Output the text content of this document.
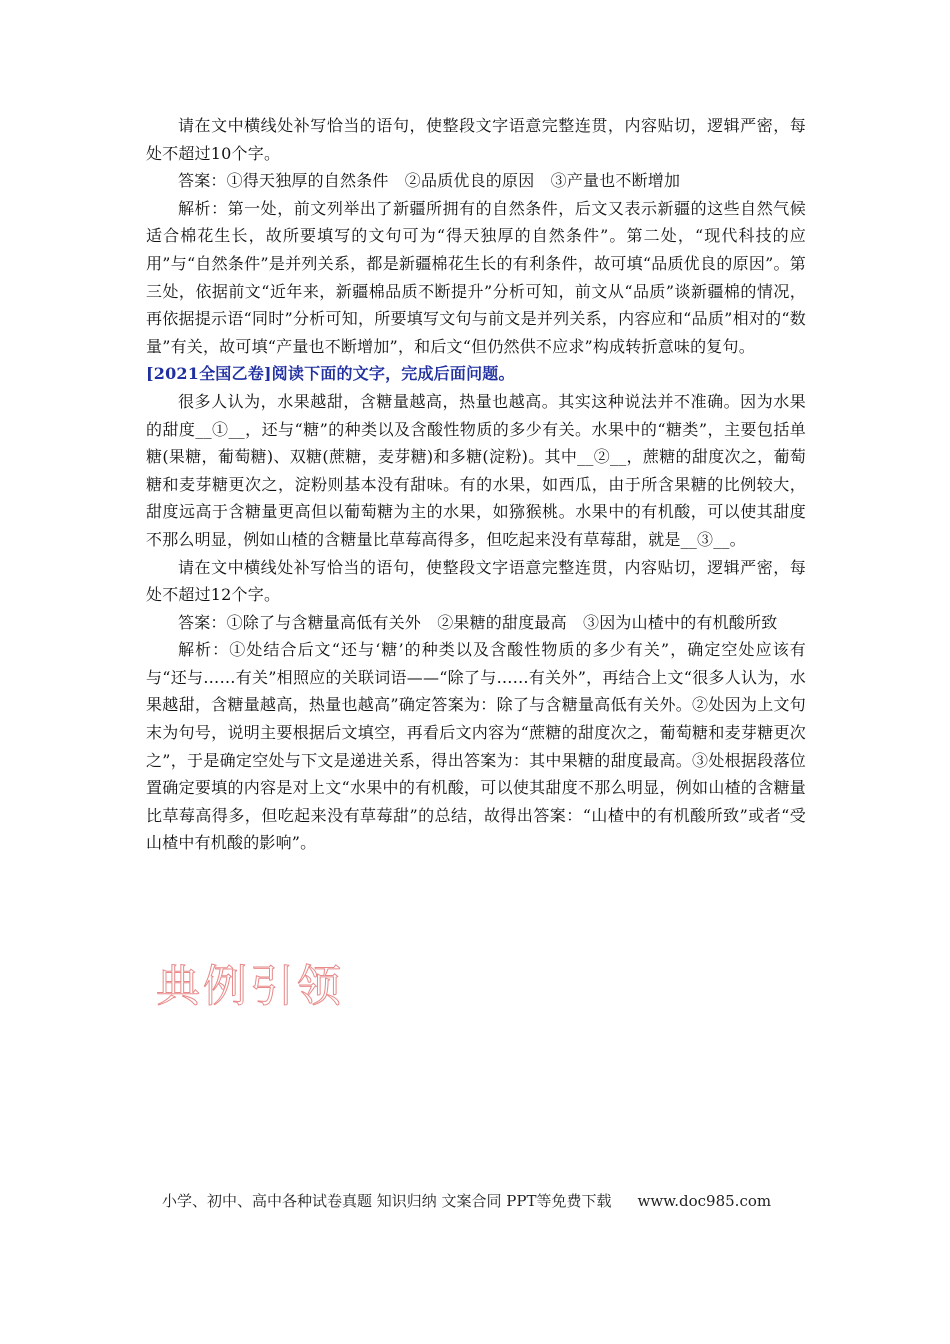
请在文中横线处补写恰当的语句，使整段文字语意完整连贯，内容贴切，逻辑严密，每处不超过10个字。

答案：①得天独厚的自然条件　②品质优良的原因　③产量也不断增加

解析：第一处，前文列举出了新疆所拥有的自然条件，后文又表示新疆的这些自然气候适合棉花生长，故所要填写的文句可为“得天独厚的自然条件”。第二处，“现代科技的应用”与“自然条件”是并列关系，都是新疆棉花生长的有利条件，故可填“品质优良的原因”。第三处，依据前文“近年来，新疆棉品质不断提升”分析可知，前文从“品质”谈新疆棉的情况，再依据提示语“同时”分析可知，所要填写文句与前文是并列关系，内容应和“品质”相对的“数量”有关，故可填“产量也不断增加”，和后文“但仍然供不应求”构成转折意味的复句。

[2021全国乙卷]阅读下面的文字，完成后面问题。

很多人认为，水果越甜，含糖量越高，热量也越高。其实这种说法并不准确。因为水果的甜度__①__，还与“糖”的种类以及含酸性物质的多少有关。水果中的“糖类”，主要包括单糖(果糖，葡萄糖)、双糖(蔗糖，麦芽糖)和多糖(淀粉)。其中__②__，蔗糖的甜度次之，葡萄糖和麦芽糖更次之，淀粉则基本没有甜味。有的水果，如西瓜，由于所含果糖的比例较大，甜度远高于含糖量更高但以葡萄糖为主的水果，如猕猴桃。水果中的有机酸，可以使其甜度不那么明显，例如山楂的含糖量比草莓高得多，但吃起来没有草莓甜，就是__③__。

请在文中横线处补写恰当的语句，使整段文字语意完整连贯，内容贴切，逻辑严密，每处不超过12个字。

答案：①除了与含糖量高低有关外　②果糖的甜度最高　③因为山楂中的有机酸所致

解析：①处结合后文“还与‘糖’的种类以及含酸性物质的多少有关”，确定空处应该有与“还与……有关”相照应的关联词语——“除了与……有关外”，再结合上文“很多人认为，水果越甜，含糖量越高，热量也越高”确定答案为：除了与含糖量高低有关外。②处因为上文句末为句号，说明主要根据后文填空，再看后文内容为“蔗糖的甜度次之，葡萄糖和麦芽糖更次之”，于是确定空处与下文是递进关系，得出答案为：其中果糖的甜度最高。③处根据段落位置确定要填的内容是对上文“水果中的有机酸，可以使其甜度不那么明显，例如山楂的含糖量比草莓高得多，但吃起来没有草莓甜”的总结，故得出答案：“山楂中的有机酸所致”或者“受山楂中有机酸的影响”。

典例引领
小学、初中、高中各种试卷真题 知识归纳 文案合同 PPT等免费下载 www.doc985.com
